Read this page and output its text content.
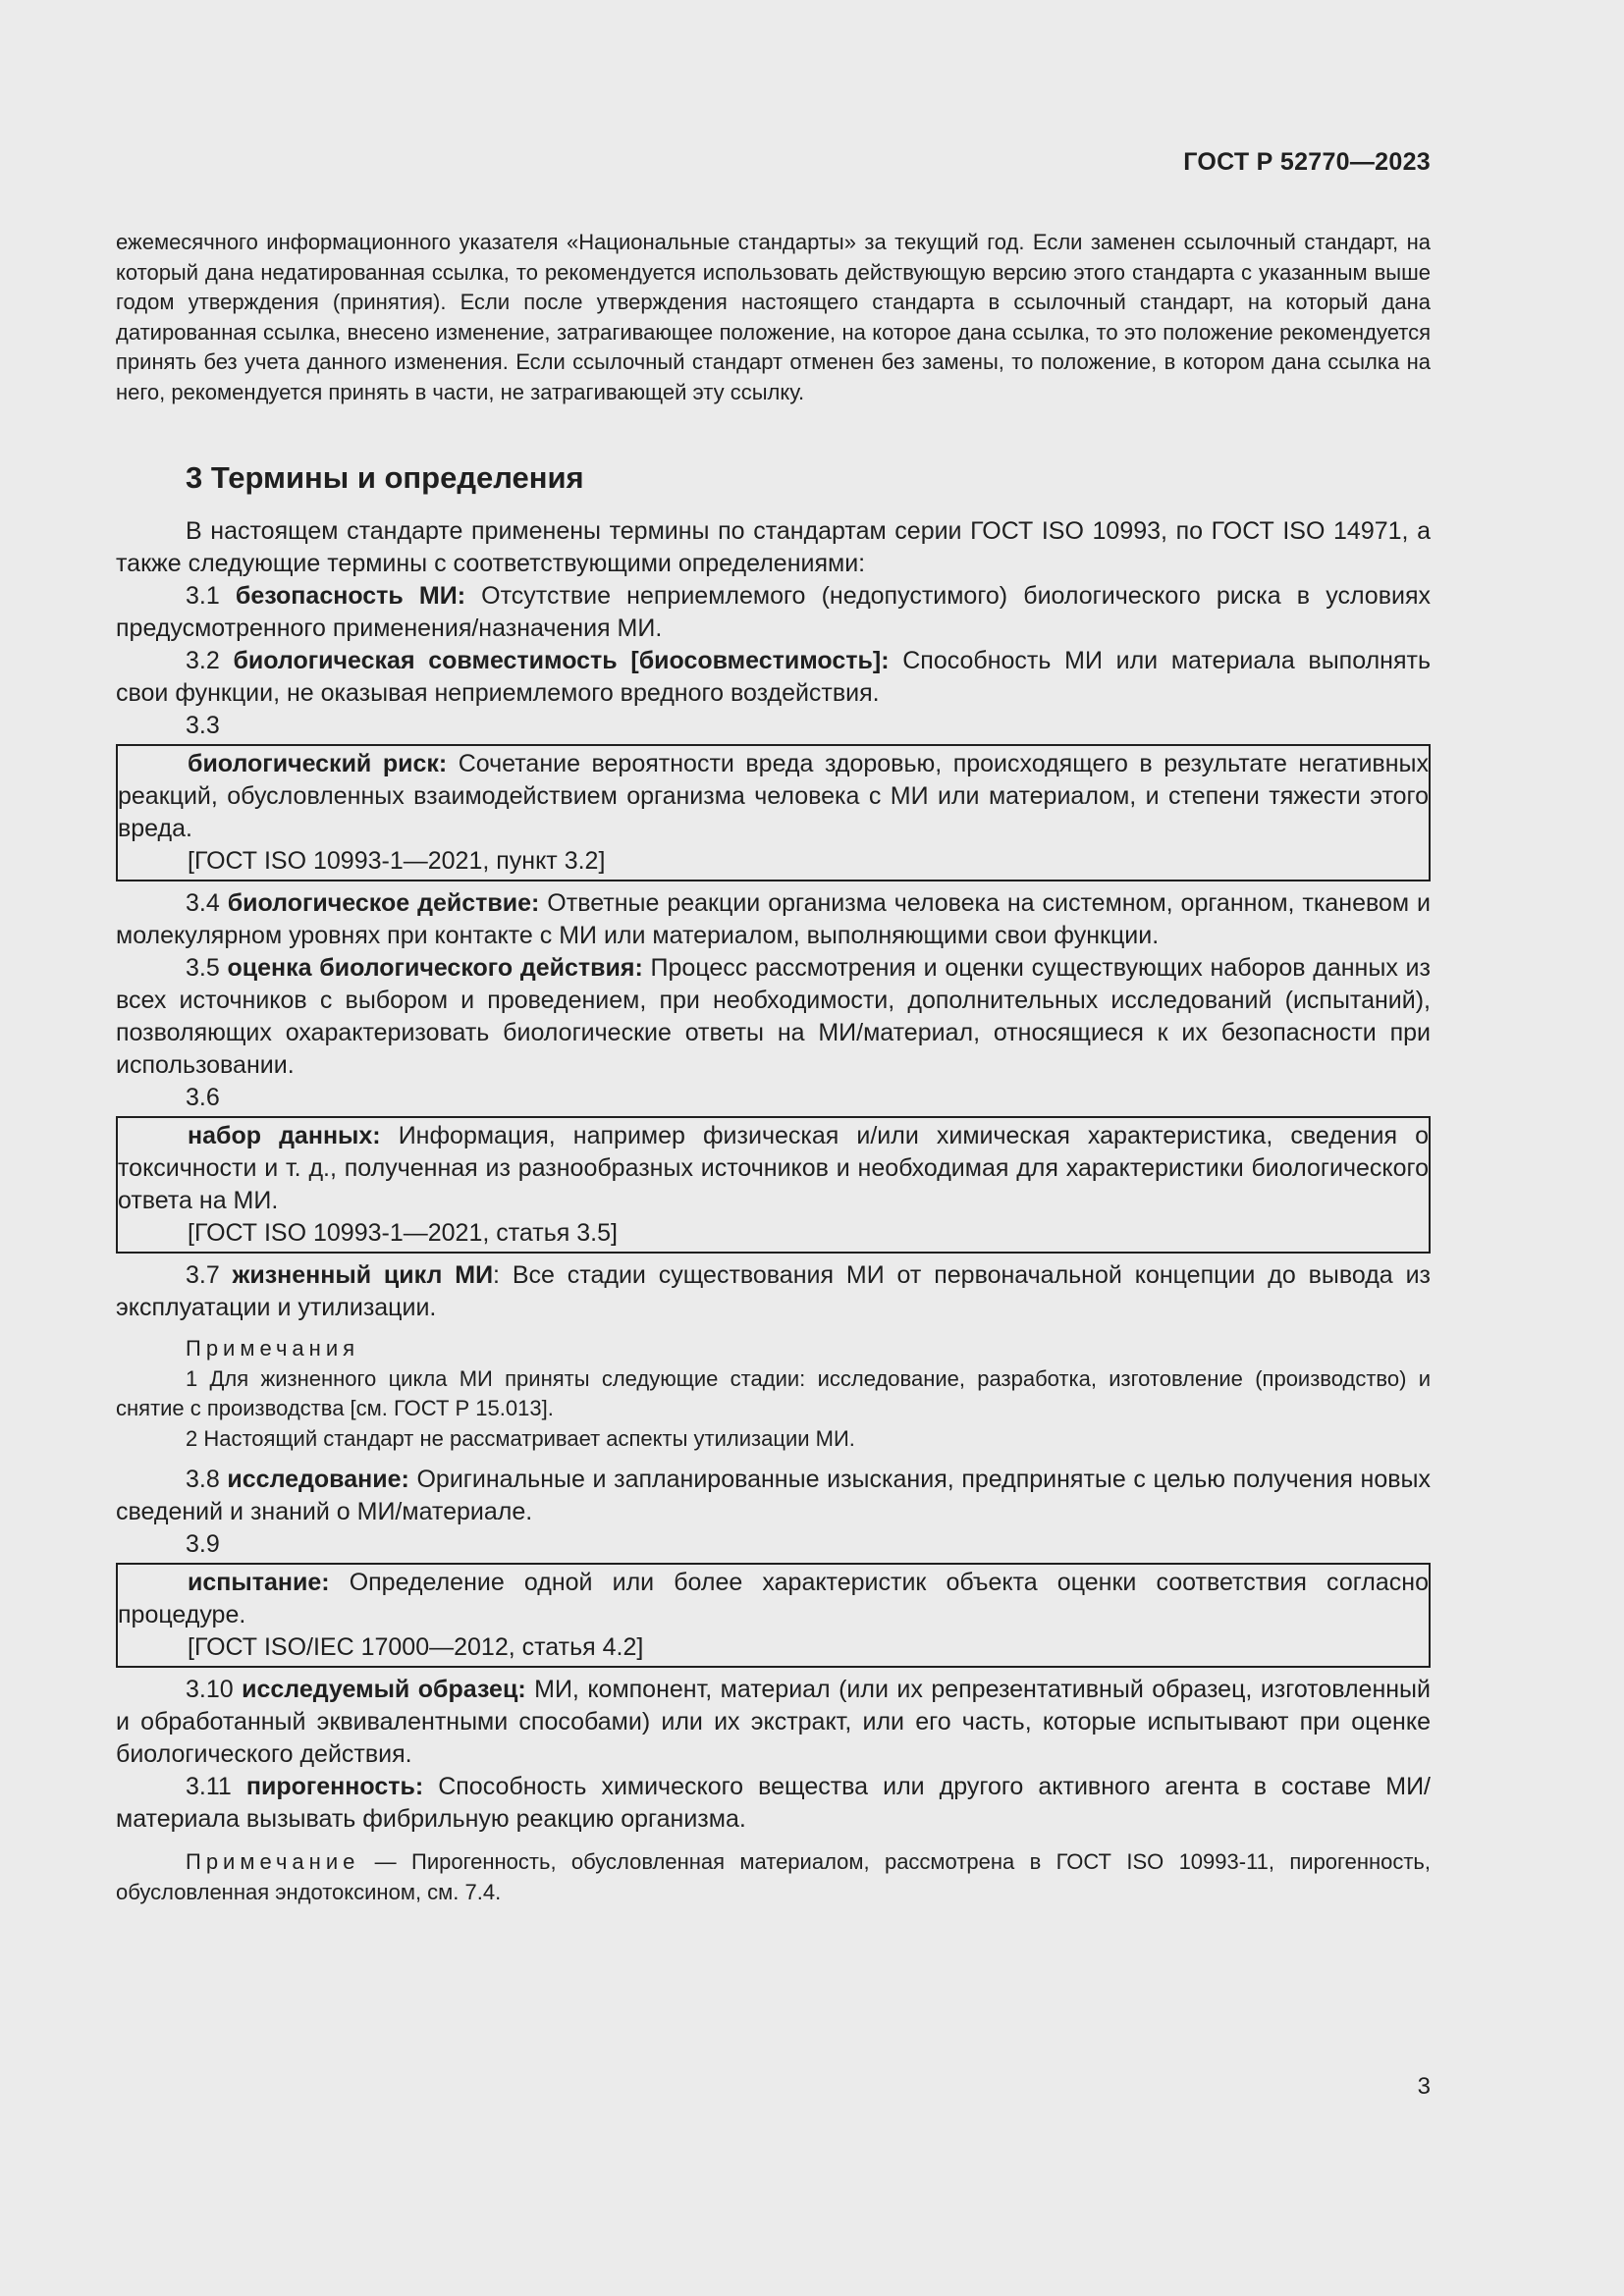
ГОСТ Р 52770—2023

ежемесячного информационного указателя «Национальные стандарты» за текущий год. Если заменен ссылочный стандарт, на который дана недатированная ссылка, то рекомендуется использовать действующую версию этого стандарта с указанным выше годом утверждения (принятия). Если после утверждения настоящего стандарта в ссылочный стандарт, на который дана датированная ссылка, внесено изменение, затрагивающее положение, на которое дана ссылка, то это положение рекомендуется принять без учета данного изменения. Если ссылочный стандарт отменен без замены, то положение, в котором дана ссылка на него, рекомендуется принять в части, не затрагивающей эту ссылку.

3 Термины и определения

В настоящем стандарте применены термины по стандартам серии ГОСТ ISO 10993, по ГОСТ ISO 14971, а также следующие термины с соответствующими определениями:

3.1 безопасность МИ: Отсутствие неприемлемого (недопустимого) биологического риска в условиях предусмотренного применения/назначения МИ.

3.2 биологическая совместимость [биосовместимость]: Способность МИ или материала выполнять свои функции, не оказывая неприемлемого вредного воздействия.

3.3

биологический риск: Сочетание вероятности вреда здоровью, происходящего в результате негативных реакций, обусловленных взаимодействием организма человека с МИ или материалом, и степени тяжести этого вреда.

[ГОСТ ISO 10993-1—2021, пункт 3.2]

3.4 биологическое действие: Ответные реакции организма человека на системном, органном, тканевом и молекулярном уровнях при контакте с МИ или материалом, выполняющими свои функции.

3.5 оценка биологического действия: Процесс рассмотрения и оценки существующих наборов данных из всех источников с выбором и проведением, при необходимости, дополнительных исследований (испытаний), позволяющих охарактеризовать биологические ответы на МИ/материал, относящиеся к их безопасности при использовании.

3.6

набор данных: Информация, например физическая и/или химическая характеристика, сведения о токсичности и т. д., полученная из разнообразных источников и необходимая для характеристики биологического ответа на МИ.

[ГОСТ ISO 10993-1—2021, статья 3.5]

3.7 жизненный цикл МИ: Все стадии существования МИ от первоначальной концепции до вывода из эксплуатации и утилизации.

Примечания

1 Для жизненного цикла МИ приняты следующие стадии: исследование, разработка, изготовление (производство) и снятие с производства [см. ГОСТ Р 15.013].

2 Настоящий стандарт не рассматривает аспекты утилизации МИ.

3.8 исследование: Оригинальные и запланированные изыскания, предпринятые с целью получения новых сведений и знаний о МИ/материале.

3.9

испытание: Определение одной или более характеристик объекта оценки соответствия согласно процедуре.

[ГОСТ ISO/IEC 17000—2012, статья 4.2]

3.10 исследуемый образец: МИ, компонент, материал (или их репрезентативный образец, изготовленный и обработанный эквивалентными способами) или их экстракт, или его часть, которые испытывают при оценке биологического действия.

3.11 пирогенность: Способность химического вещества или другого активного агента в составе МИ/материала вызывать фибрильную реакцию организма.

Примечание — Пирогенность, обусловленная материалом, рассмотрена в ГОСТ ISO 10993-11, пирогенность, обусловленная эндотоксином, см. 7.4.

3
